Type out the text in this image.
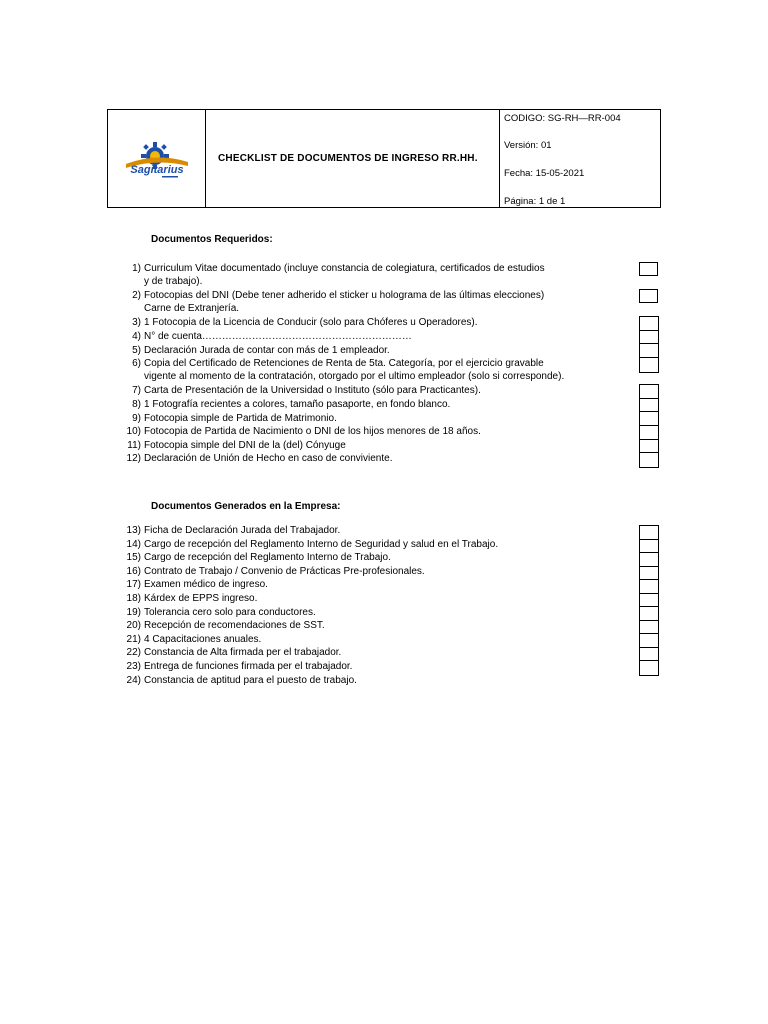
Sagitarius
CHECKLIST DE DOCUMENTOS DE INGRESO RR.HH.
CODIGO: SG-RH—RR-004
Versión: 01
Fecha: 15-05-2021
Página: 1 de 1
Documentos Requeridos:
1) Curriculum Vitae documentado (incluye constancia de colegiatura, certificados de estudios
y de trabajo).
2) Fotocopias del DNI (Debe tener adherido el sticker u holograma de las últimas elecciones)
Carne de Extranjería.
3) 1 Fotocopia de la Licencia de Conducir (solo para Chóferes u Operadores).
4) N° de cuenta………………………………………………………
5) Declaración Jurada de contar con más de 1 empleador.
6) Copia del Certificado de Retenciones de Renta de 5ta. Categoría, por el ejercicio gravable
vigente al momento de la contratación, otorgado por el ultimo empleador (solo si corresponde).
7) Carta de Presentación de la Universidad o Instituto (sólo para Practicantes).
8) 1 Fotografía recientes a colores, tamaño pasaporte, en fondo blanco.
9) Fotocopia simple de Partida de Matrimonio.
10) Fotocopia de Partida de Nacimiento o DNI de los hijos menores de 18 años.
11) Fotocopia simple del DNI de la (del) Cónyuge
12) Declaración de Unión de Hecho en caso de conviviente.
Documentos Generados en la Empresa:
13) Ficha de Declaración Jurada del Trabajador.
14) Cargo de recepción del Reglamento Interno de Seguridad y salud en el Trabajo.
15) Cargo de recepción del Reglamento Interno de Trabajo.
16) Contrato de Trabajo / Convenio de Prácticas Pre-profesionales.
17) Examen médico de ingreso.
18) Kárdex de EPPS ingreso.
19) Tolerancia cero solo para conductores.
20) Recepción de recomendaciones de SST.
21) 4 Capacitaciones anuales.
22) Constancia de Alta firmada per el trabajador.
23) Entrega de funciones firmada per el trabajador.
24) Constancia de aptitud para el puesto de trabajo.
